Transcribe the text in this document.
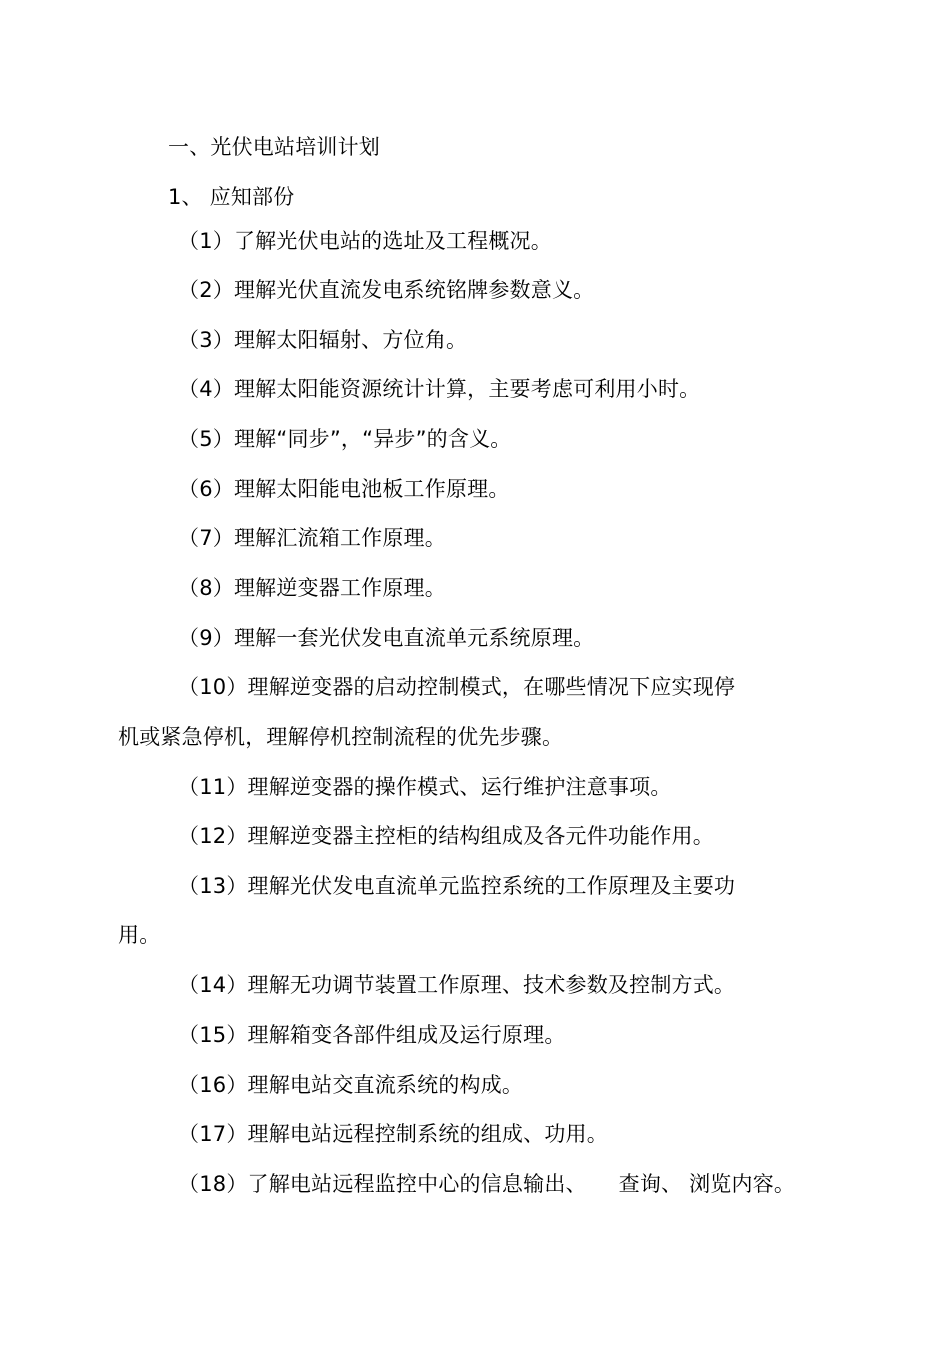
一、光伏电站培训计划
1、 应知部份
（1）了解光伏电站的选址及工程概况。
（2）理解光伏直流发电系统铭牌参数意义。
（3）理解太阳辐射、方位角。
（4）理解太阳能资源统计计算，主要考虑可利用小时。
（5）理解“同步”，“异步”的含义。
（6）理解太阳能电池板工作原理。
（7）理解汇流箱工作原理。
（8）理解逆变器工作原理。
（9）理解一套光伏发电直流单元系统原理。
（10）理解逆变器的启动控制模式，在哪些情况下应实现停
机或紧急停机，理解停机控制流程的优先步骤。
（11）理解逆变器的操作模式、运行维护注意事项。
（12）理解逆变器主控柜的结构组成及各元件功能作用。
（13）理解光伏发电直流单元监控系统的工作原理及主要功
用。
（14）理解无功调节装置工作原理、技术参数及控制方式。
（15）理解箱变各部件组成及运行原理。
（16）理解电站交直流系统的构成。
（17）理解电站远程控制系统的组成、功用。
（18）了解电站远程监控中心的信息输出、　　查询、 浏览内容。
